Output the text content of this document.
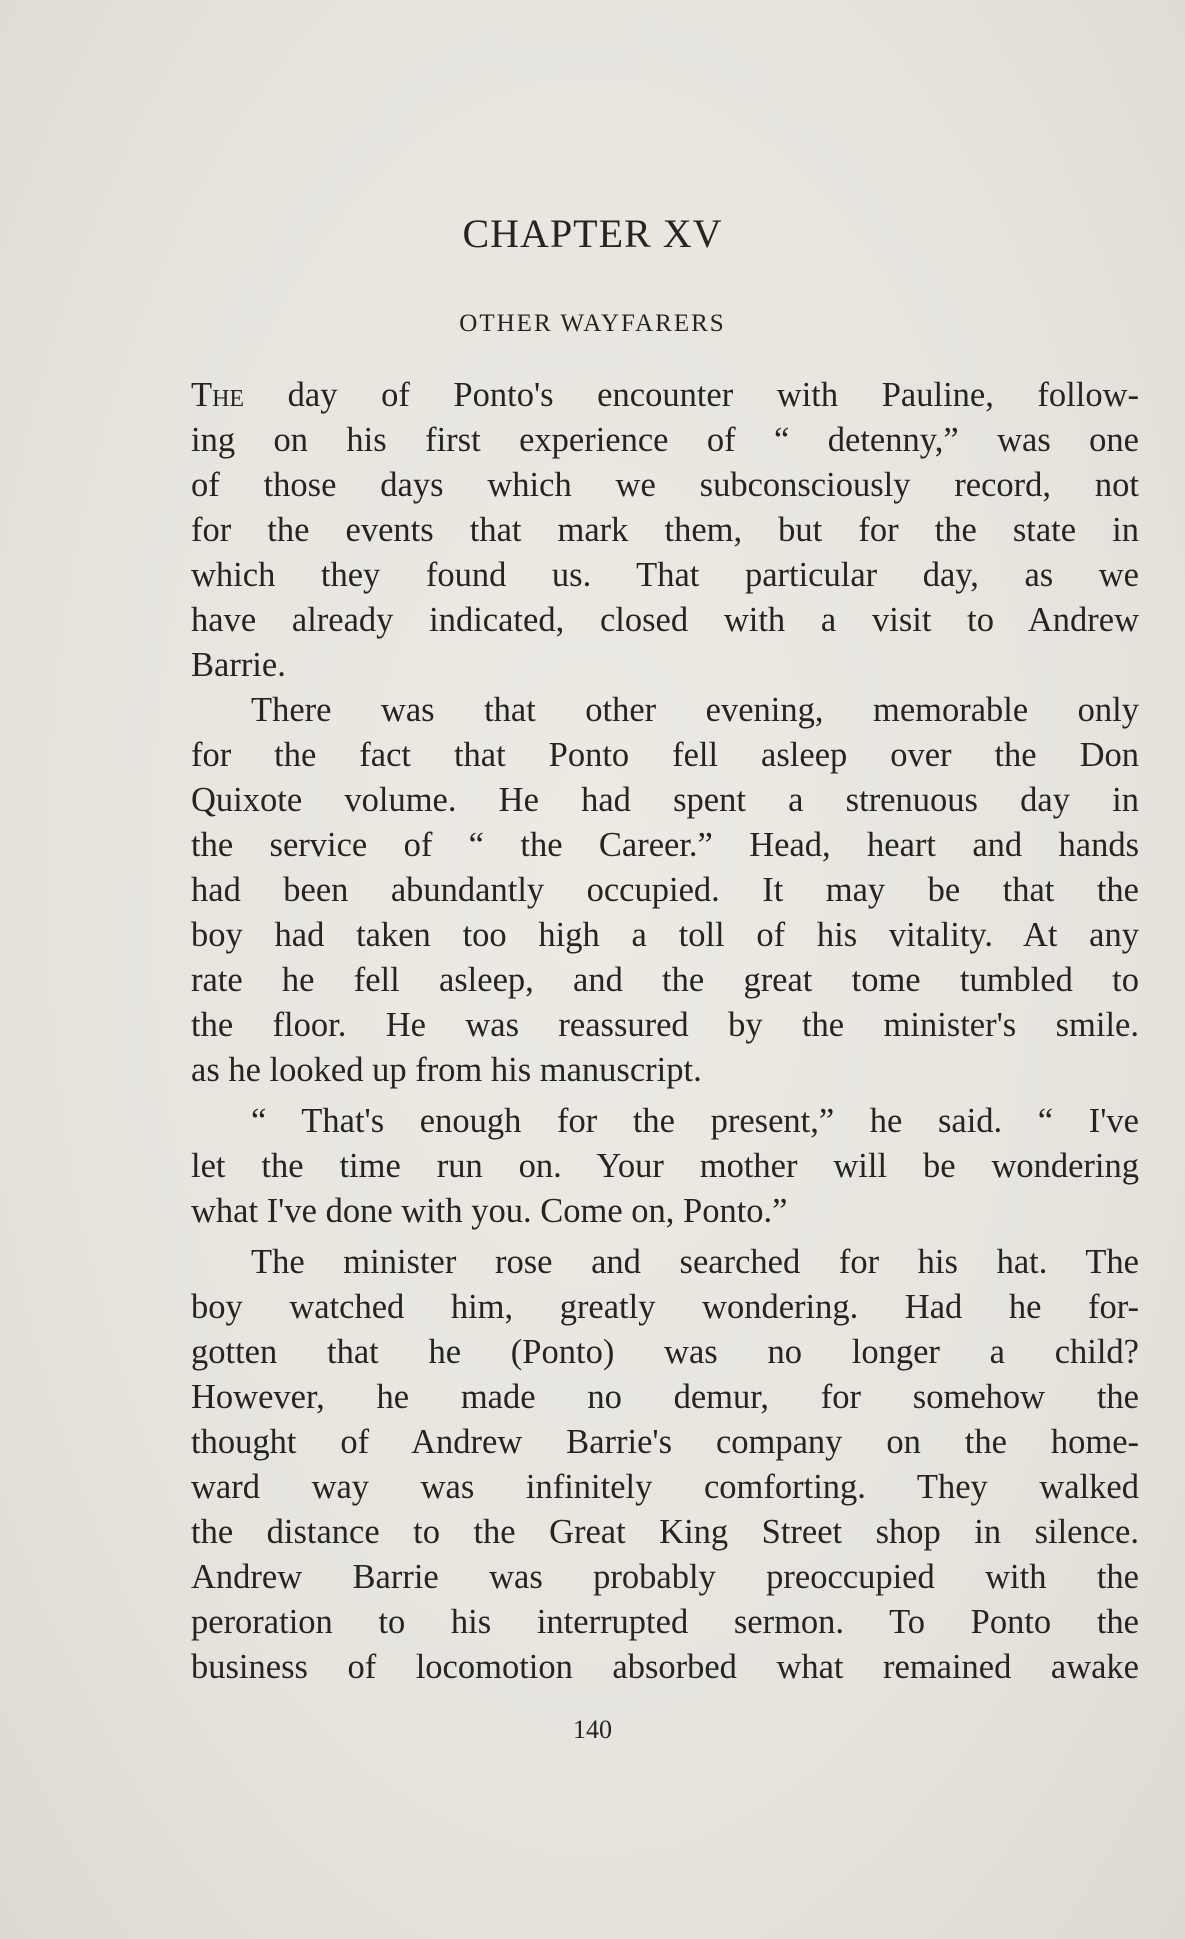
CHAPTER XV
OTHER WAYFARERS
The day of Ponto's encounter with Pauline, follow-
ing on his first experience of “ detenny,” was one
of those days which we subconsciously record, not
for the events that mark them, but for the state in
which they found us. That particular day, as we
have already indicated, closed with a visit to Andrew
Barrie.
There was that other evening, memorable only
for the fact that Ponto fell asleep over the Don
Quixote volume. He had spent a strenuous day in
the service of “ the Career.” Head, heart and hands
had been abundantly occupied. It may be that the
boy had taken too high a toll of his vitality. At any
rate he fell asleep, and the great tome tumbled to
the floor. He was reassured by the minister's smile.
as he looked up from his manuscript.
“ That's enough for the present,” he said. “ I've
let the time run on. Your mother will be wondering
what I've done with you. Come on, Ponto.”
The minister rose and searched for his hat. The
boy watched him, greatly wondering. Had he for-
gotten that he (Ponto) was no longer a child?
However, he made no demur, for somehow the
thought of Andrew Barrie's company on the home-
ward way was infinitely comforting. They walked
the distance to the Great King Street shop in silence.
Andrew Barrie was probably preoccupied with the
peroration to his interrupted sermon. To Ponto the
business of locomotion absorbed what remained awake
140
